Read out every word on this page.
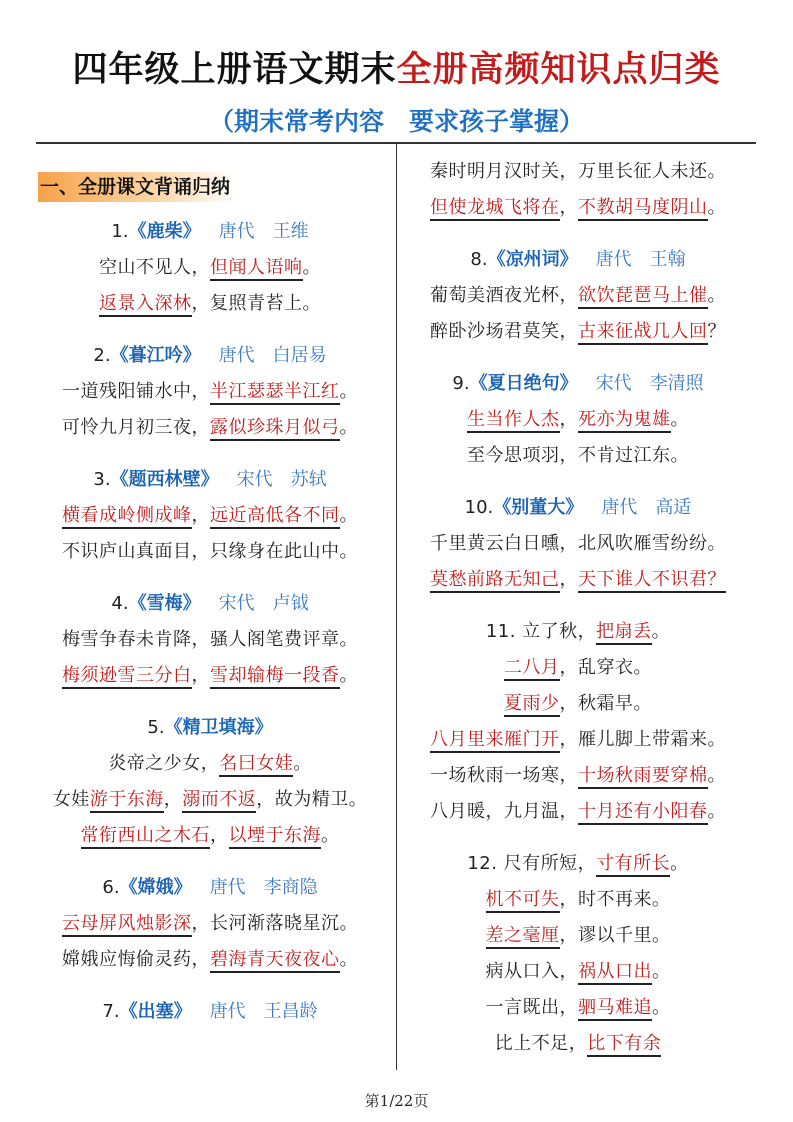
四年级上册语文期末全册高频知识点归类
（期末常考内容　要求孩子掌握）
一、全册课文背诵归纳
1.《鹿柴》 唐代 王维
空山不见人，但闻人语响。
返景入深林，复照青苔上。
2.《暮江吟》 唐代 白居易
一道残阳铺水中，半江瑟瑟半江红。
可怜九月初三夜，露似珍珠月似弓。
3.《题西林壁》 宋代 苏轼
横看成岭侧成峰，远近高低各不同。
不识庐山真面目，只缘身在此山中。
4.《雪梅》 宋代 卢钺
梅雪争春未肯降，骚人阁笔费评章。
梅须逊雪三分白，雪却输梅一段香。
5.《精卫填海》
炎帝之少女，名曰女娃。
女娃游于东海，溺而不返，故为精卫。
常衔西山之木石，以堙于东海。
6.《嫦娥》 唐代 李商隐
云母屏风烛影深，长河渐落晓星沉。
嫦娥应悔偷灵药，碧海青天夜夜心。
7.《出塞》 唐代 王昌龄
秦时明月汉时关，万里长征人未还。
但使龙城飞将在，不教胡马度阴山。
8.《凉州词》 唐代 王翰
葡萄美酒夜光杯，欲饮琵琶马上催。
醉卧沙场君莫笑，古来征战几人回？
9.《夏日绝句》 宋代 李清照
生当作人杰，死亦为鬼雄。
至今思项羽，不肯过江东。
10.《别董大》 唐代 高适
千里黄云白日曛，北风吹雁雪纷纷。
莫愁前路无知己，天下谁人不识君？
11. 立了秋，把扇丢。
二八月，乱穿衣。
夏雨少，秋霜早。
八月里来雁门开，雁儿脚上带霜来。
一场秋雨一场寒，十场秋雨要穿棉。
八月暖，九月温，十月还有小阳春。
12. 尺有所短，寸有所长。
机不可失，时不再来。
差之毫厘，谬以千里。
病从口入，祸从口出。
一言既出，驷马难追。
比上不足，比下有余
第1/22页
